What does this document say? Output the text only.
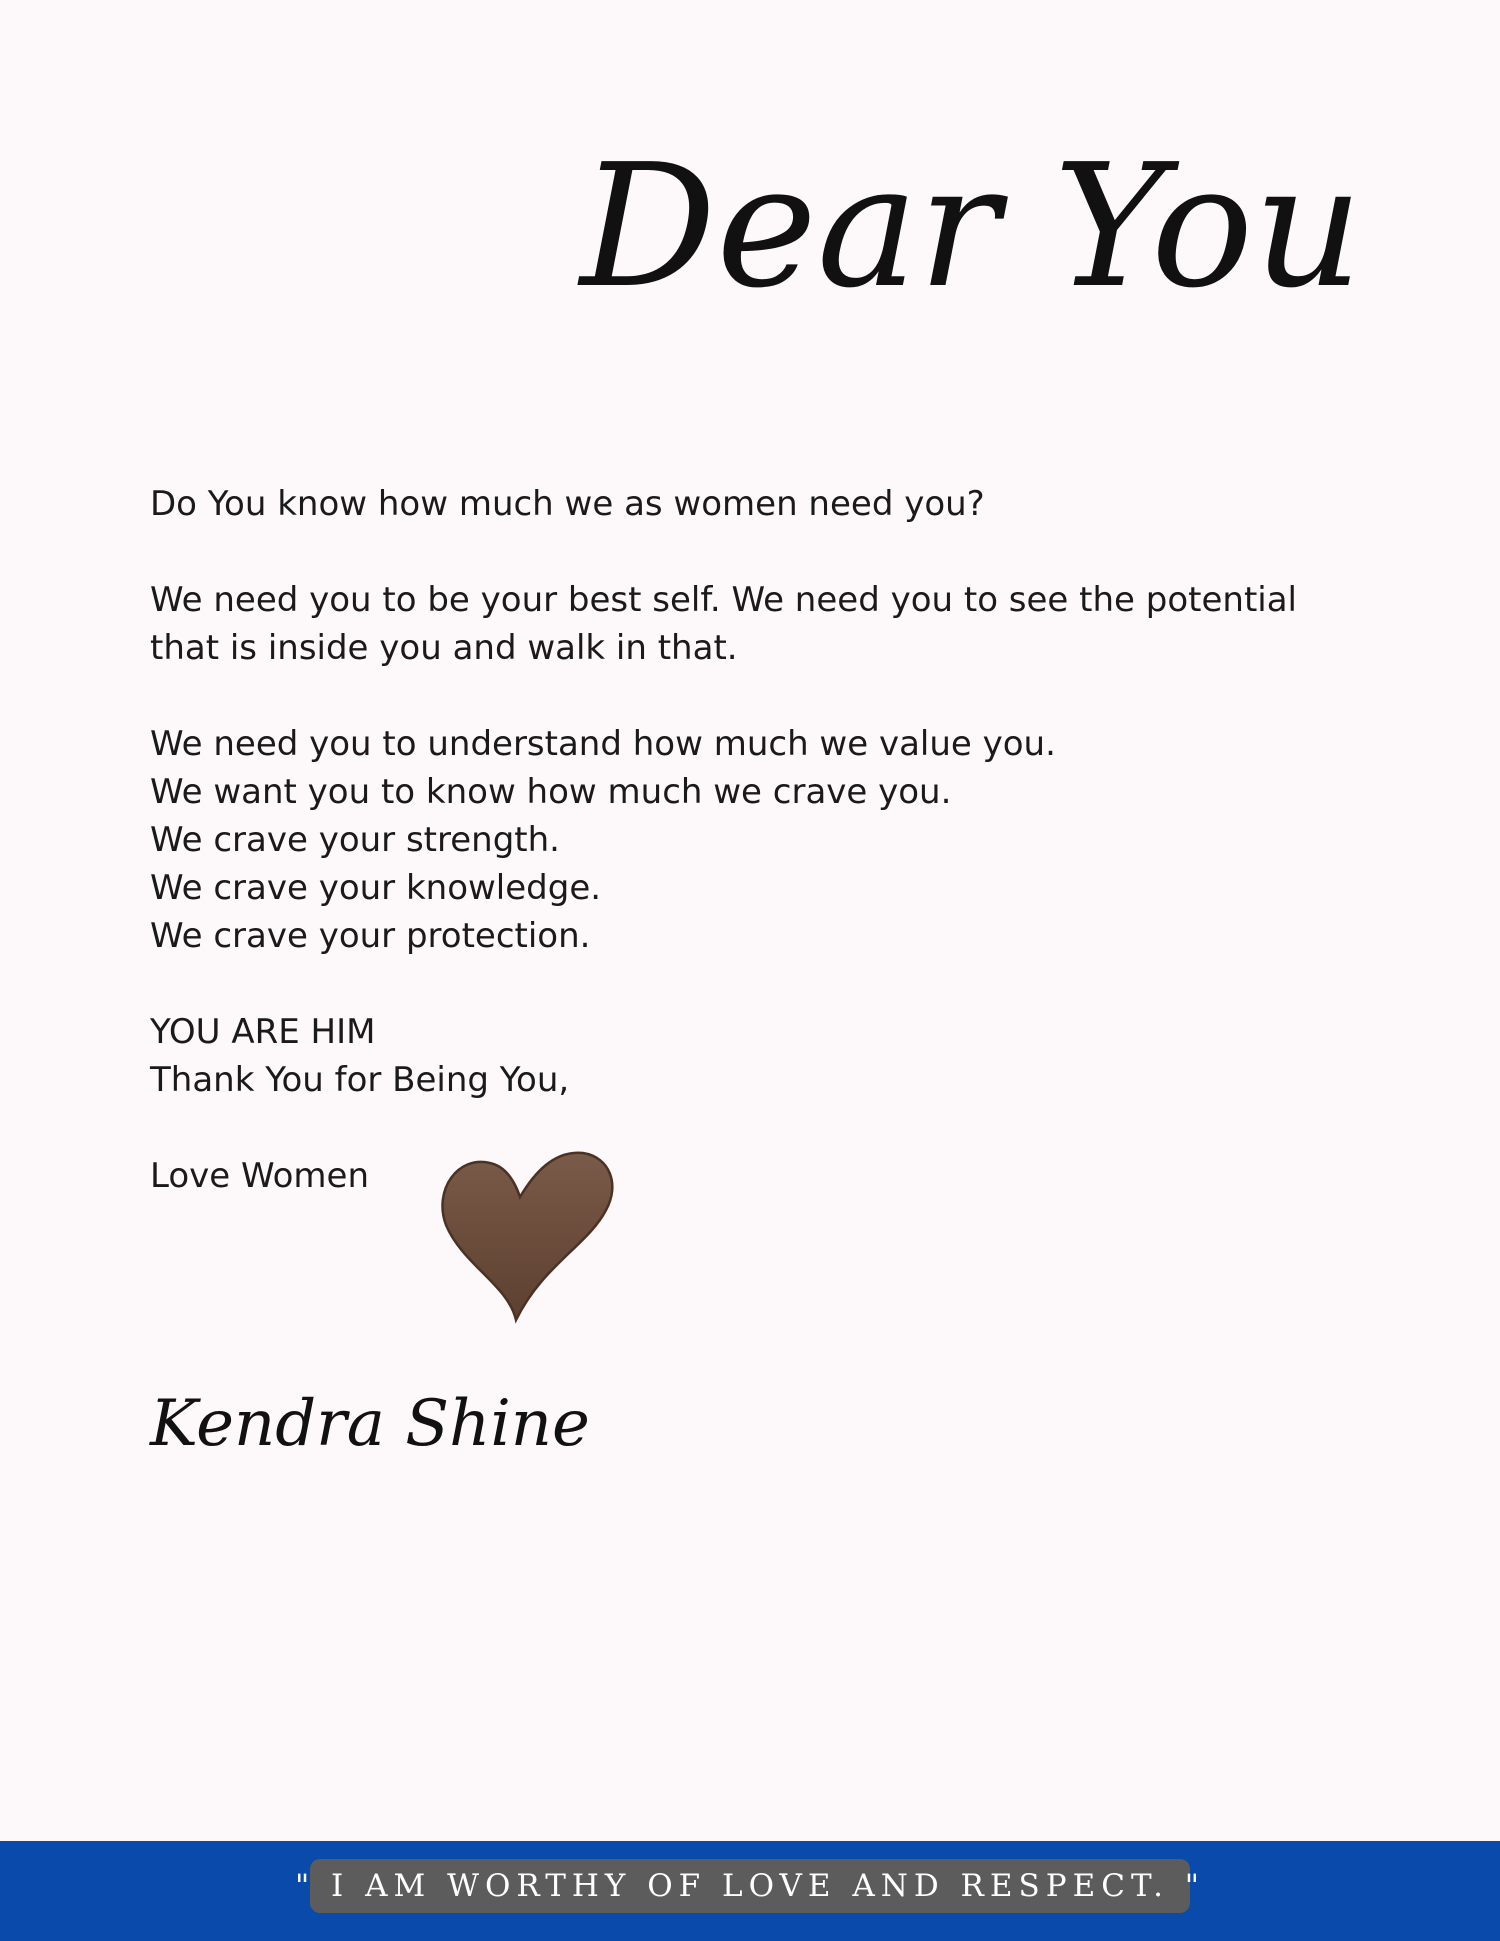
Dear You

Do You know how much we as women need you?

We need you to be your best self. We need you to see the potential
that is inside you and walk in that.

We need you to understand how much we value you.
We want you to know how much we crave you.
We crave your strength.
We crave your knowledge.
We crave your protection.

YOU ARE HIM
Thank You for Being You,

Love Women

Kendra Shine
" I AM WORTHY OF LOVE AND RESPECT. "
